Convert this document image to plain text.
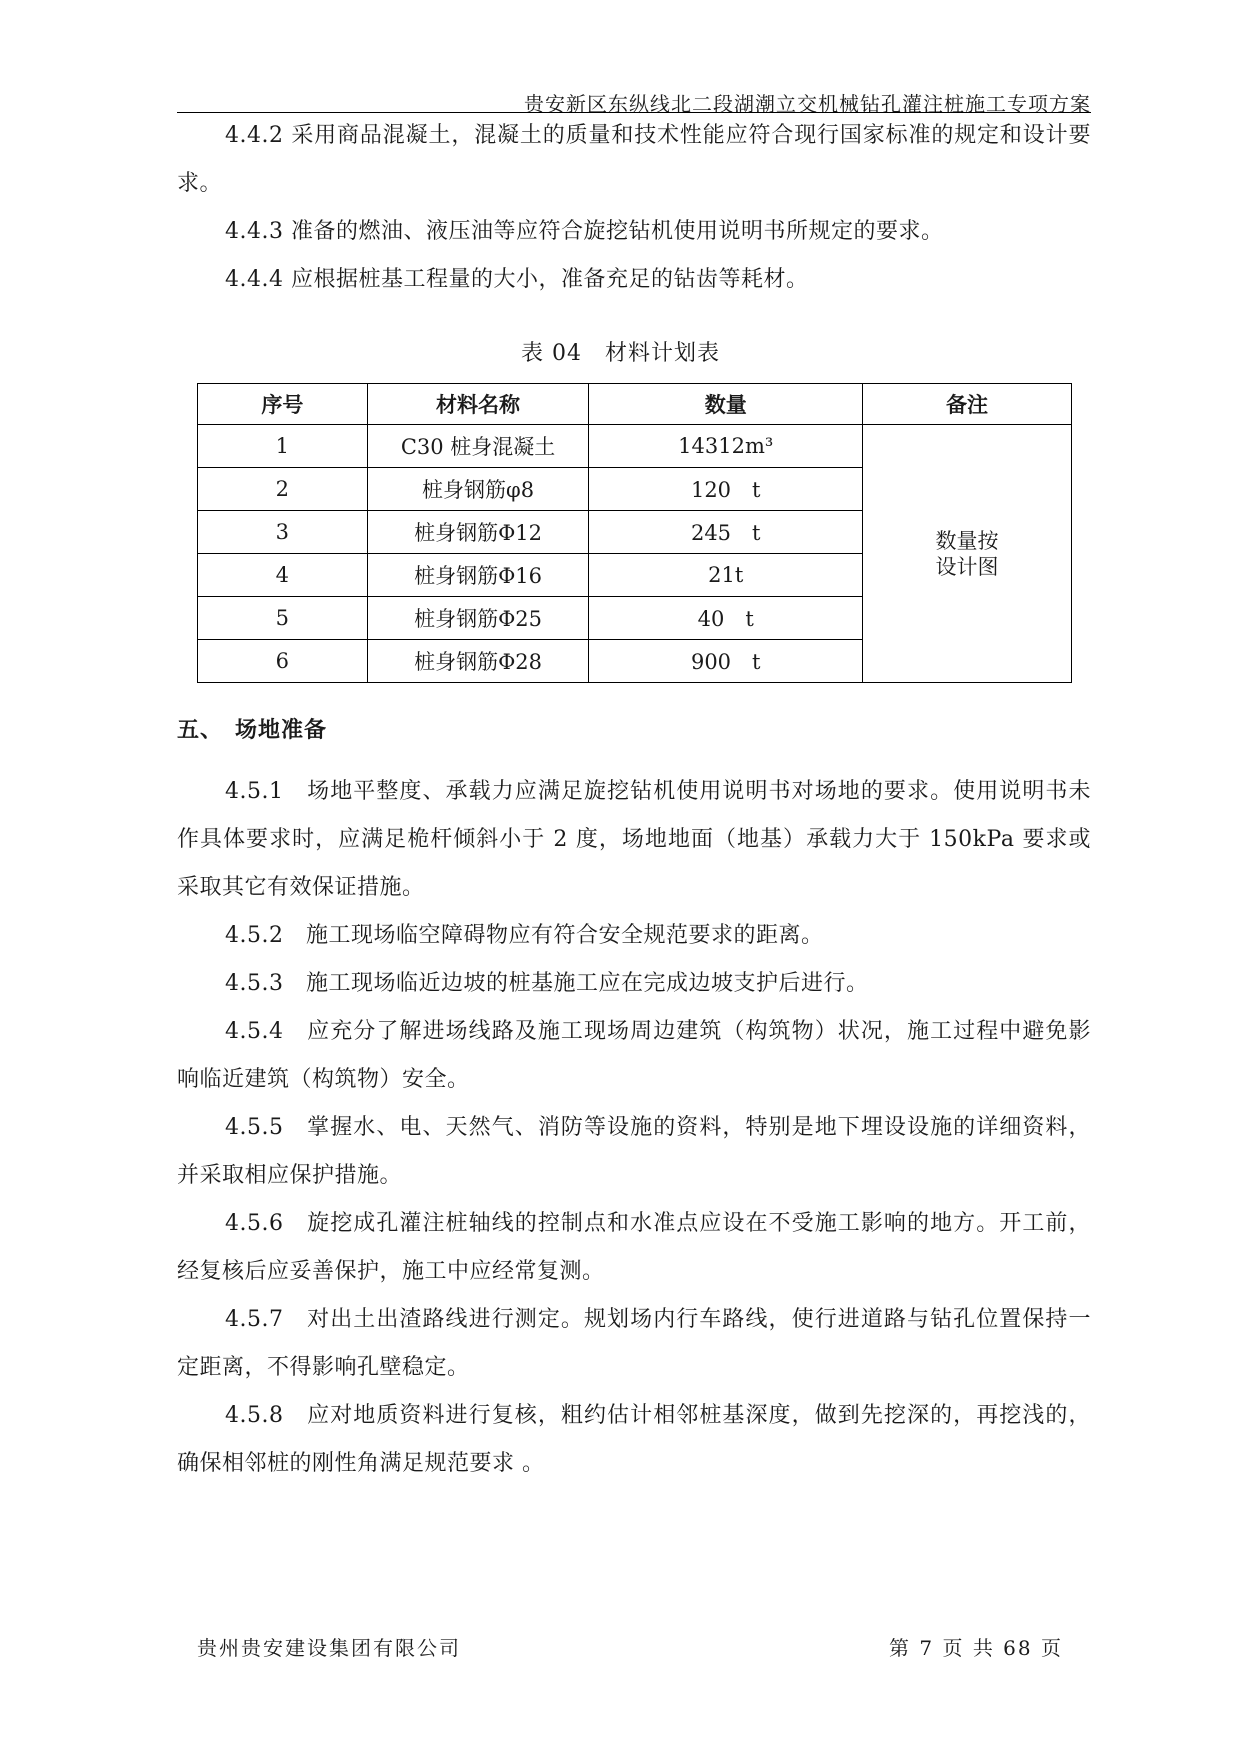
贵安新区东纵线北二段湖潮立交机械钻孔灌注桩施工专项方案

4.4.2 采用商品混凝土，混凝土的质量和技术性能应符合现行国家标准的规定和设计要求。

4.4.3 准备的燃油、液压油等应符合旋挖钻机使用说明书所规定的要求。

4.4.4 应根据桩基工程量的大小，准备充足的钻齿等耗材。

表 04　材料计划表
序号	材料名称	数量	备注
1	C30 桩身混凝土	14312m³	数量按设计图
2	桩身钢筋φ8	120　t	
3	桩身钢筋Φ12	245　t	
4	桩身钢筋Φ16	21t	
5	桩身钢筋Φ25	40　t	
6	桩身钢筋Φ28	900　t	
五、　场地准备

4.5.1　场地平整度、承载力应满足旋挖钻机使用说明书对场地的要求。使用说明书未作具体要求时，应满足桅杆倾斜小于 2 度，场地地面（地基）承载力大于 150kPa 要求或采取其它有效保证措施。

4.5.2　施工现场临空障碍物应有符合安全规范要求的距离。

4.5.3　施工现场临近边坡的桩基施工应在完成边坡支护后进行。

4.5.4　应充分了解进场线路及施工现场周边建筑（构筑物）状况，施工过程中避免影响临近建筑（构筑物）安全。

4.5.5　掌握水、电、天然气、消防等设施的资料，特别是地下埋设设施的详细资料，并采取相应保护措施。

4.5.6　旋挖成孔灌注桩轴线的控制点和水准点应设在不受施工影响的地方。开工前，经复核后应妥善保护，施工中应经常复测。

4.5.7　对出土出渣路线进行测定。规划场内行车路线，使行进道路与钻孔位置保持一定距离，不得影响孔壁稳定。

4.5.8　应对地质资料进行复核，粗约估计相邻桩基深度，做到先挖深的，再挖浅的，确保相邻桩的刚性角满足规范要求 。

贵州贵安建设集团有限公司	第 7 页 共 68 页
